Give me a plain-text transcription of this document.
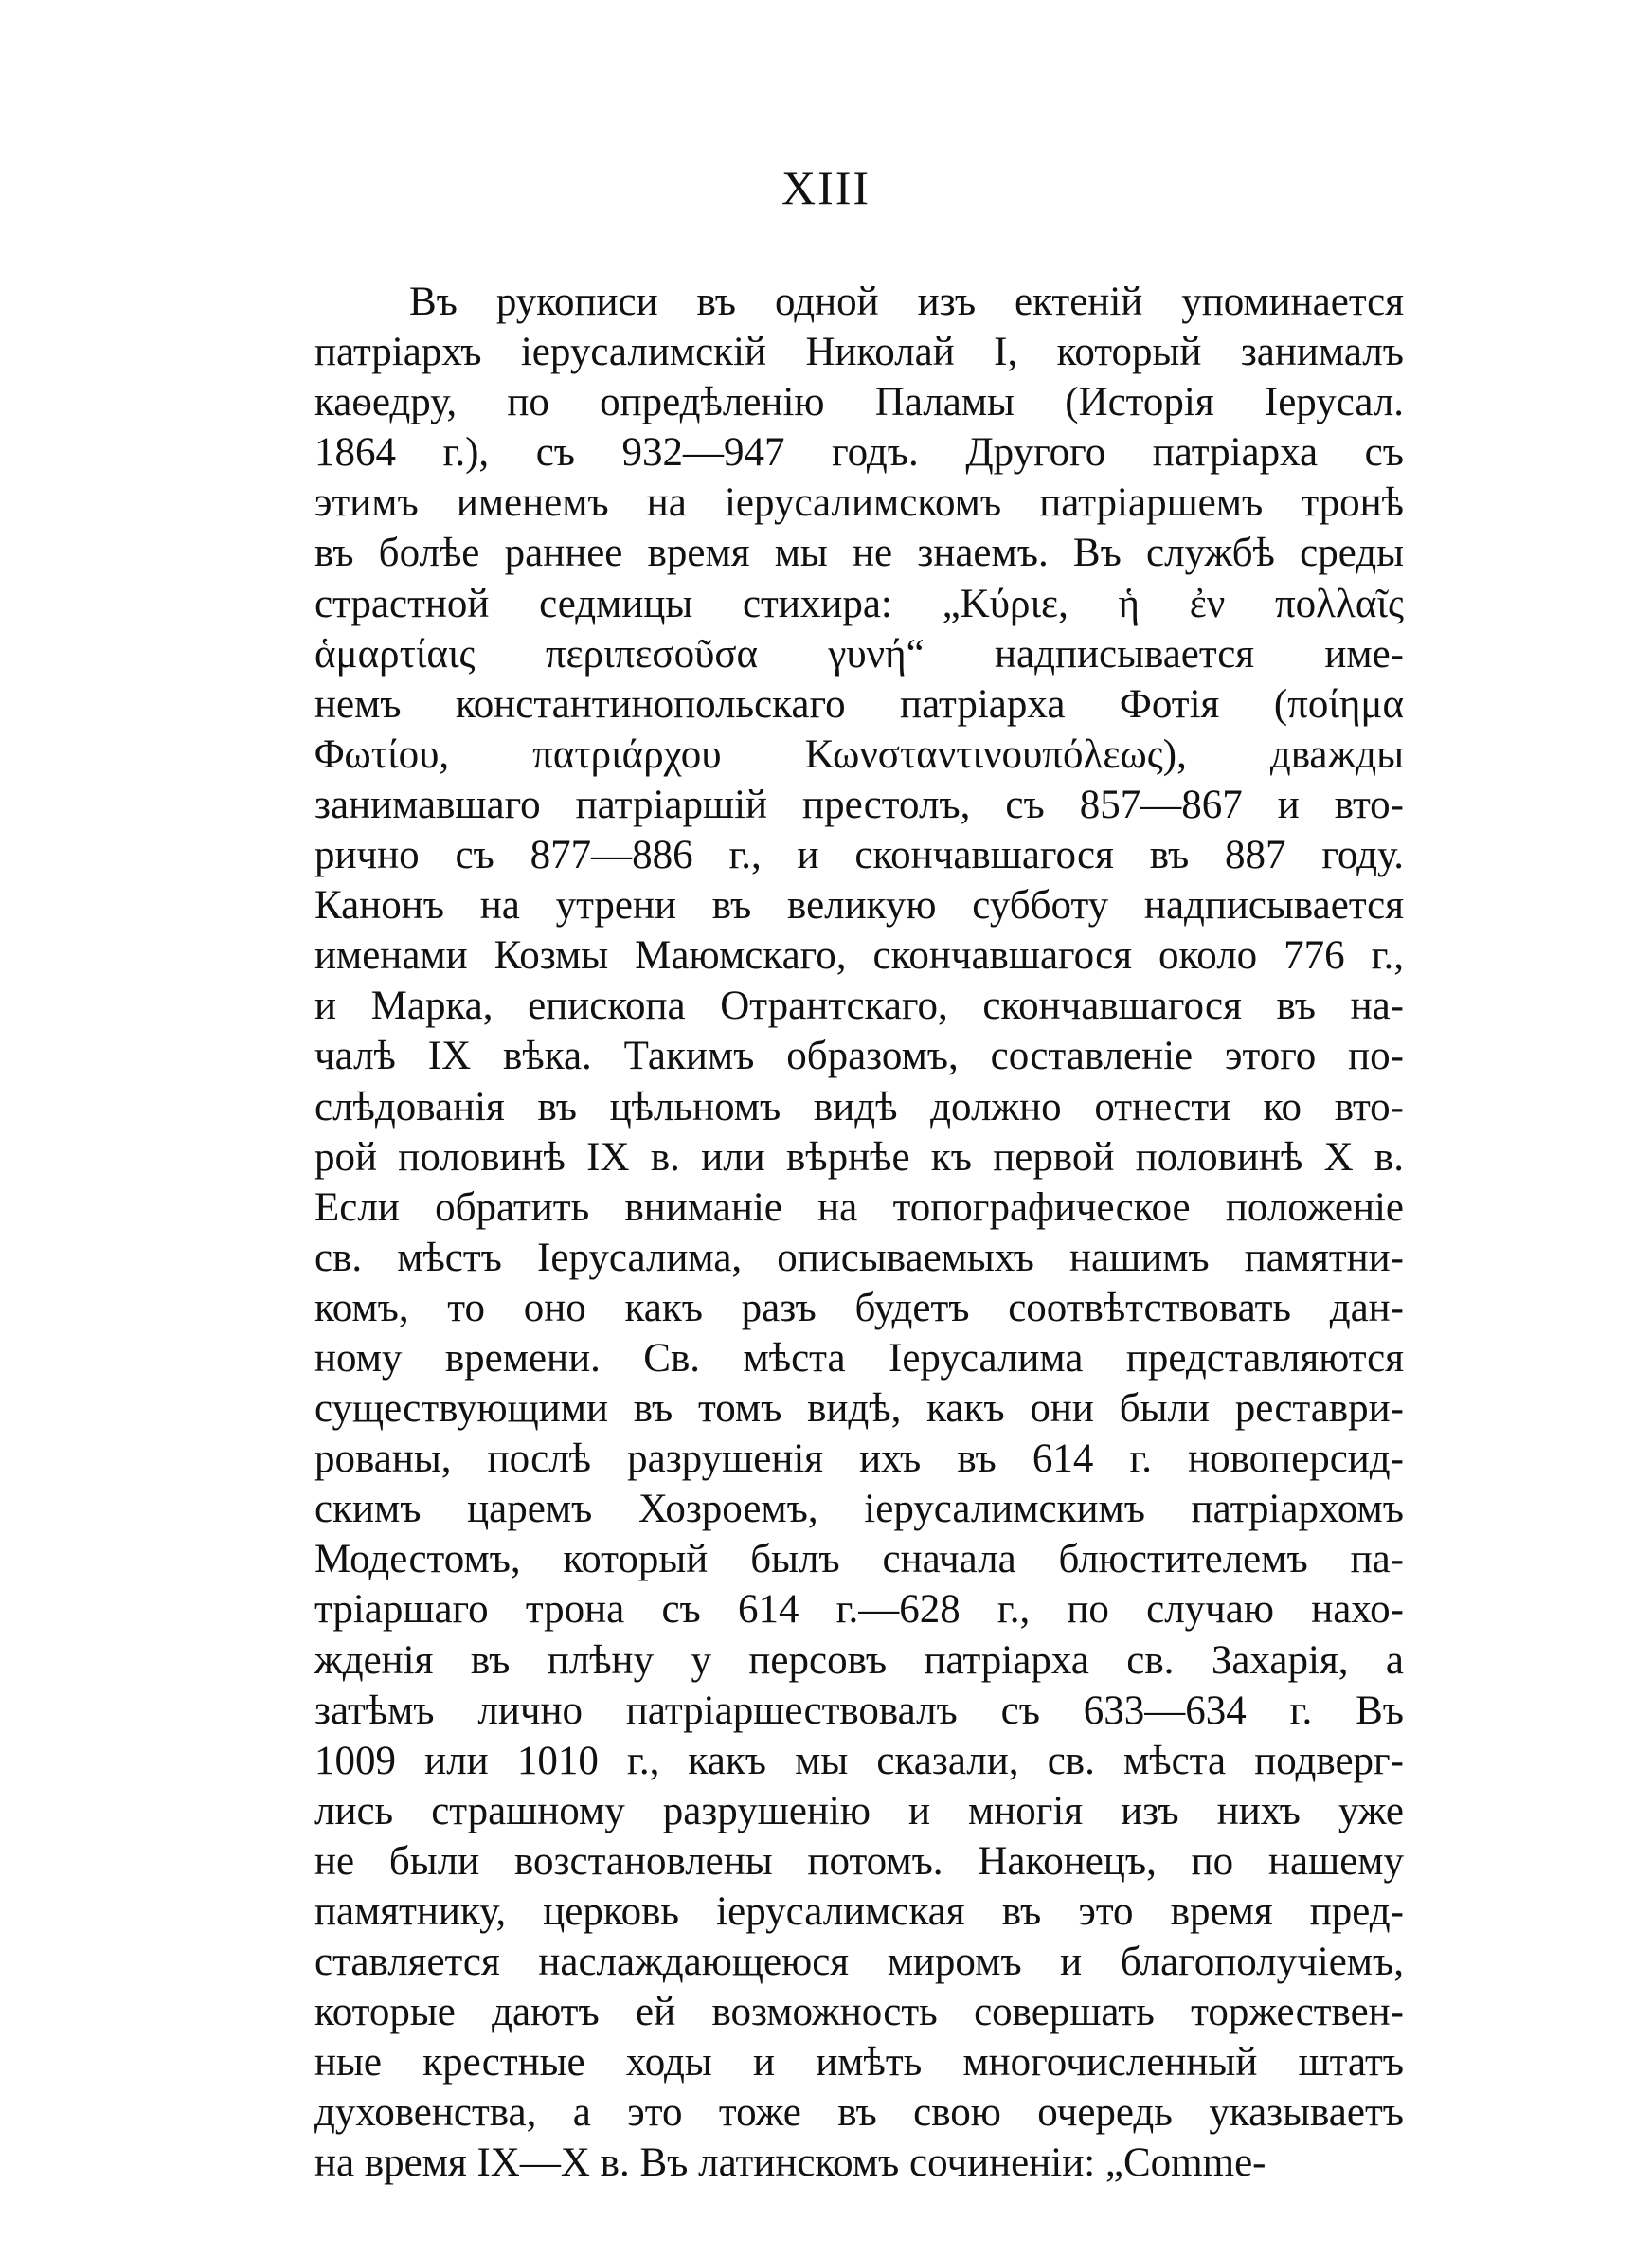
XIII
Въ рукописи въ одной изъ ектеній упоминается
патріархъ іерусалимскій Николай I, который занималъ
каѳедру, по опредѣленію Паламы (Исторія Іерусал.
1864 г.), съ 932—947 годъ. Другого патріарха съ
этимъ именемъ на іерусалимскомъ патріаршемъ тронѣ
въ болѣе раннее время мы не знаемъ. Въ службѣ среды
страстной седмицы стихира: „Κύριε, ἡ ἐν πολλαῖς
ἁμαρτίαις περιπεσοῦσα γυνή“ надписывается име-
немъ константинопольскаго патріарха Фотія (ποίημα
Φωτίου, πατριάρχου Κωνσταντινουπόλεως), дважды
занимавшаго патріаршій престолъ, съ 857—867 и вто-
рично съ 877—886 г., и скончавшагося въ 887 году.
Канонъ на утрени въ великую субботу надписывается
именами Козмы Маюмскаго, скончавшагося около 776 г.,
и Марка, епископа Отрантскаго, скончавшагося въ на-
чалѣ IX вѣка. Такимъ образомъ, составленіе этого по-
слѣдованія въ цѣльномъ видѣ должно отнести ко вто-
рой половинѣ IX в. или вѣрнѣе къ первой половинѣ X в.
Если обратить вниманіе на топографическое положеніе
св. мѣстъ Іерусалима, описываемыхъ нашимъ памятни-
комъ, то оно какъ разъ будетъ соотвѣтствовать дан-
ному времени. Св. мѣста Іерусалима представляются
существующими въ томъ видѣ, какъ они были реставри-
рованы, послѣ разрушенія ихъ въ 614 г. новоперсид-
скимъ царемъ Хозроемъ, іерусалимскимъ патріархомъ
Модестомъ, который былъ сначала блюстителемъ па-
тріаршаго трона съ 614 г.—628 г., по случаю нахо-
жденія въ плѣну у персовъ патріарха св. Захарія, а
затѣмъ лично патріаршествовалъ съ 633—634 г. Въ
1009 или 1010 г., какъ мы сказали, св. мѣста подверг-
лись страшному разрушенію и многія изъ нихъ уже
не были возстановлены потомъ. Наконецъ, по нашему
памятнику, церковь іерусалимская въ это время пред-
ставляется наслаждающеюся миромъ и благополучіемъ,
которые даютъ ей возможность совершать торжествен-
ные крестные ходы и имѣть многочисленный штатъ
духовенства, а это тоже въ свою очередь указываетъ
на время IX—X в. Въ латинскомъ сочиненіи: „Comme-
